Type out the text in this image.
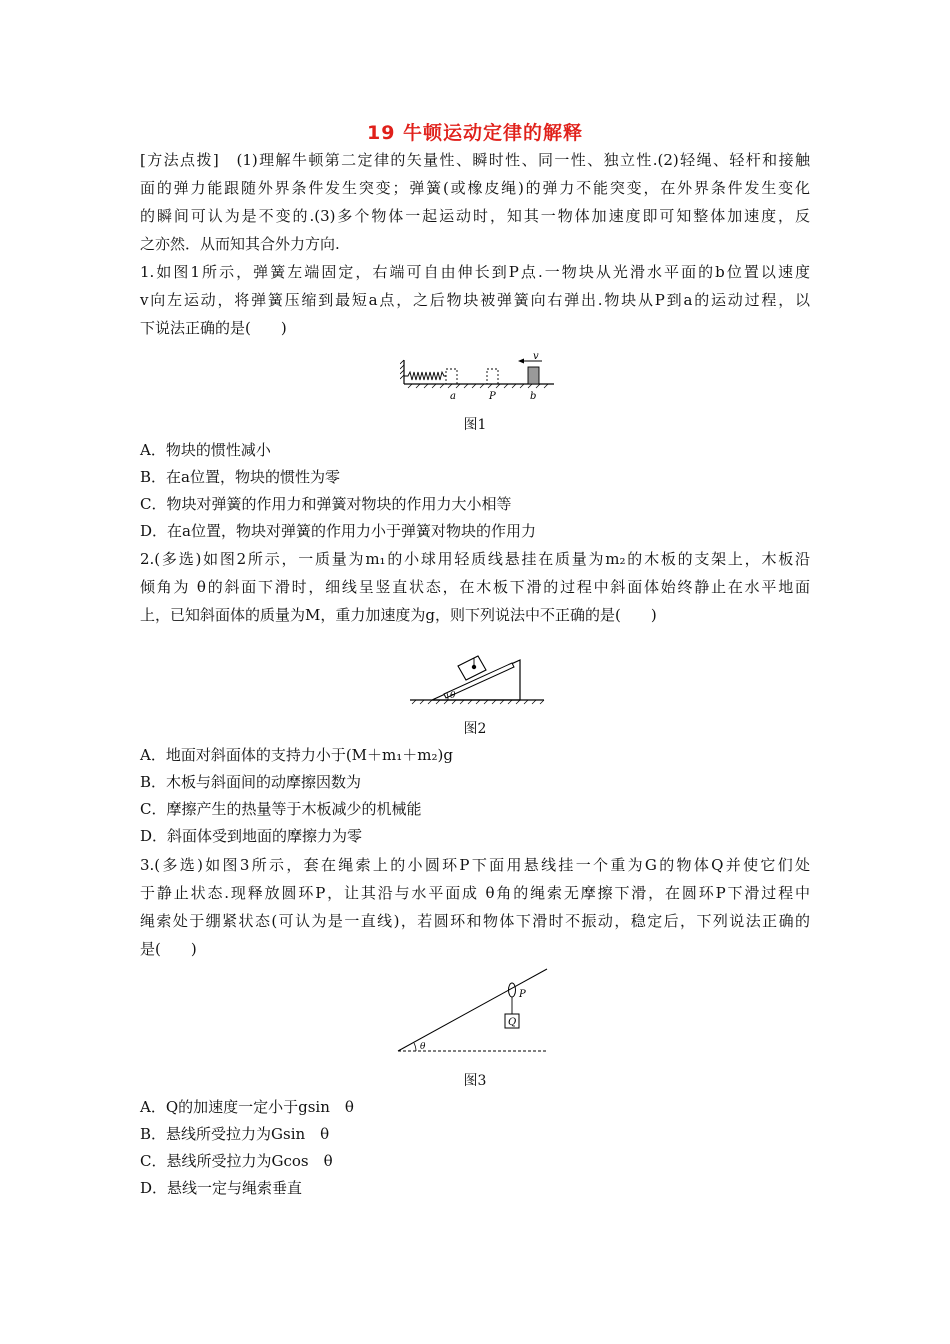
19 牛顿运动定律的解释
[方法点拨]　(1)理解牛顿第二定律的矢量性、瞬时性、同一性、独立性.(2)轻绳、轻杆和接触
面的弹力能跟随外界条件发生突变；弹簧(或橡皮绳)的弹力不能突变，在外界条件发生变化
的瞬间可认为是不变的.(3)多个物体一起运动时，知其一物体加速度即可知整体加速度，反
之亦然．从而知其合外力方向.
1.如图1所示，弹簧左端固定，右端可自由伸长到P点.一物块从光滑水平面的b位置以速度
v向左运动，将弹簧压缩到最短a点，之后物块被弹簧向右弹出.物块从P到a的运动过程，以
下说法正确的是(　　)
v
a	P	b
图1
A．物块的惯性减小
B．在a位置，物块的惯性为零
C．物块对弹簧的作用力和弹簧对物块的作用力大小相等
D．在a位置，物块对弹簧的作用力小于弹簧对物块的作用力
2.(多选)如图2所示，一质量为m₁的小球用轻质线悬挂在质量为m₂的木板的支架上，木板沿
倾角为 θ的斜面下滑时，细线呈竖直状态，在木板下滑的过程中斜面体始终静止在水平地面
上，已知斜面体的质量为M，重力加速度为g，则下列说法中不正确的是(　　)
θ
图2
A．地面对斜面体的支持力小于(M＋m₁＋m₂)g
B．木板与斜面间的动摩擦因数为
C．摩擦产生的热量等于木板减少的机械能
D．斜面体受到地面的摩擦力为零
3.(多选)如图3所示，套在绳索上的小圆环P下面用悬线挂一个重为G的物体Q并使它们处
于静止状态.现释放圆环P，让其沿与水平面成 θ角的绳索无摩擦下滑，在圆环P下滑过程中
绳索处于绷紧状态(可认为是一直线)，若圆环和物体下滑时不振动，稳定后，下列说法正确的
是(　　)
Q
P
θ
图3
A．Q的加速度一定小于gsin　θ
B．悬线所受拉力为Gsin　θ
C．悬线所受拉力为Gcos　θ
D．悬线一定与绳索垂直
